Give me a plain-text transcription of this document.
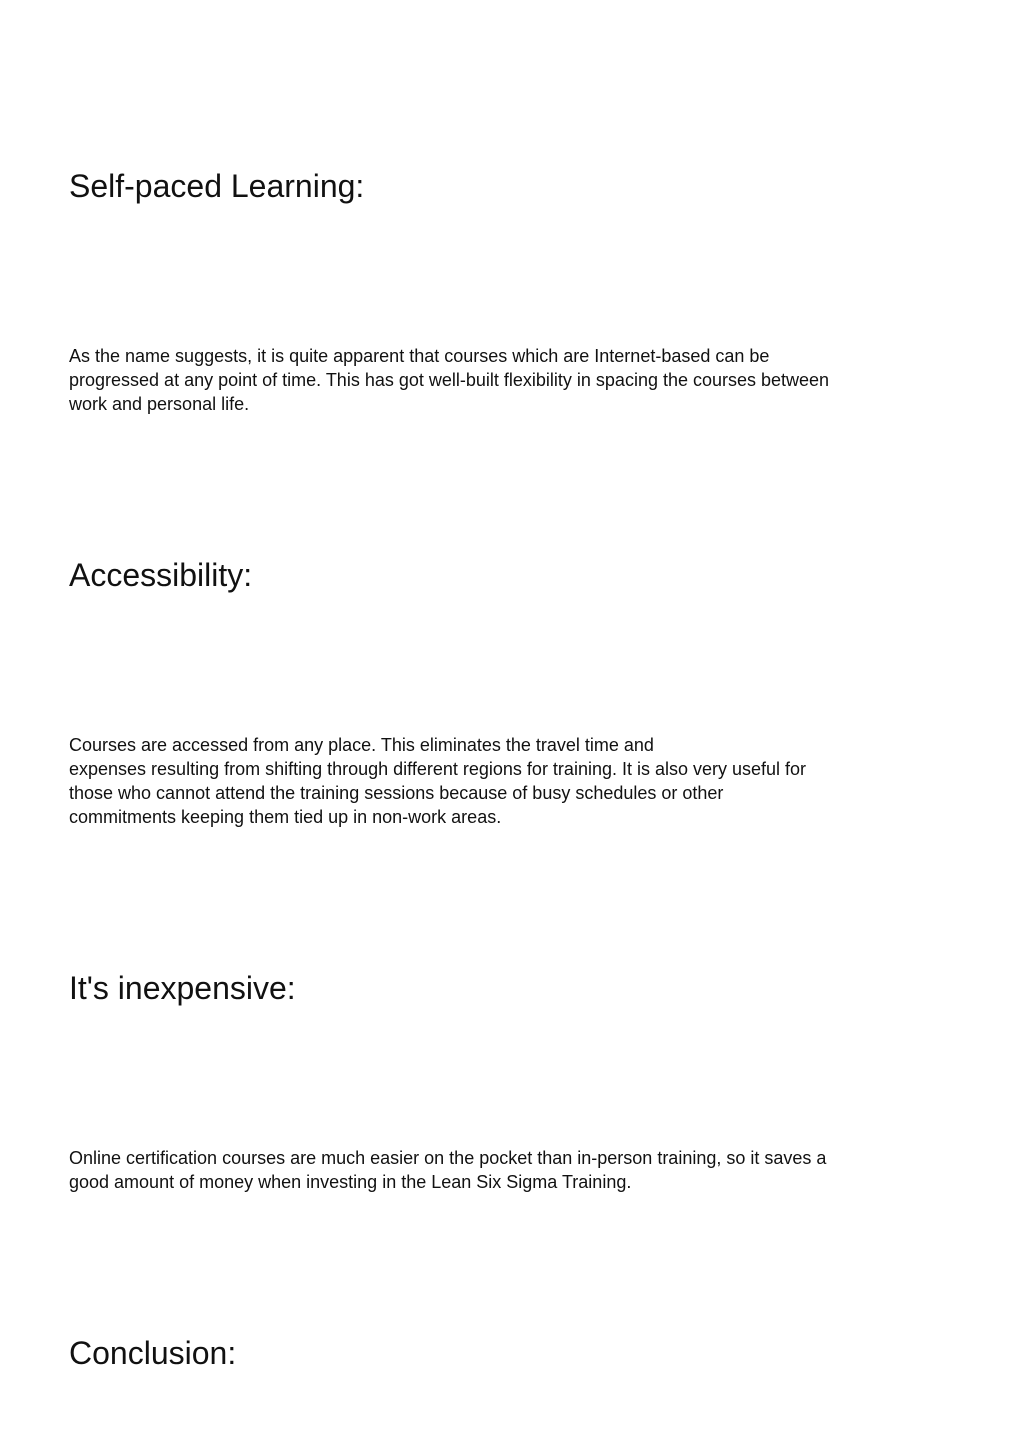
Self-paced Learning:

As the name suggests, it is quite apparent that courses which are Internet-based can be
progressed at any point of time. This has got well-built flexibility in spacing the courses between
work and personal life.

Accessibility:

Courses are accessed from any place. This eliminates the travel time and
expenses resulting from shifting through different regions for training. It is also very useful for
those who cannot attend the training sessions because of busy schedules or other
commitments keeping them tied up in non-work areas.

It's inexpensive:

Online certification courses are much easier on the pocket than in-person training, so it saves a
good amount of money when investing in the Lean Six Sigma Training.

Conclusion:
